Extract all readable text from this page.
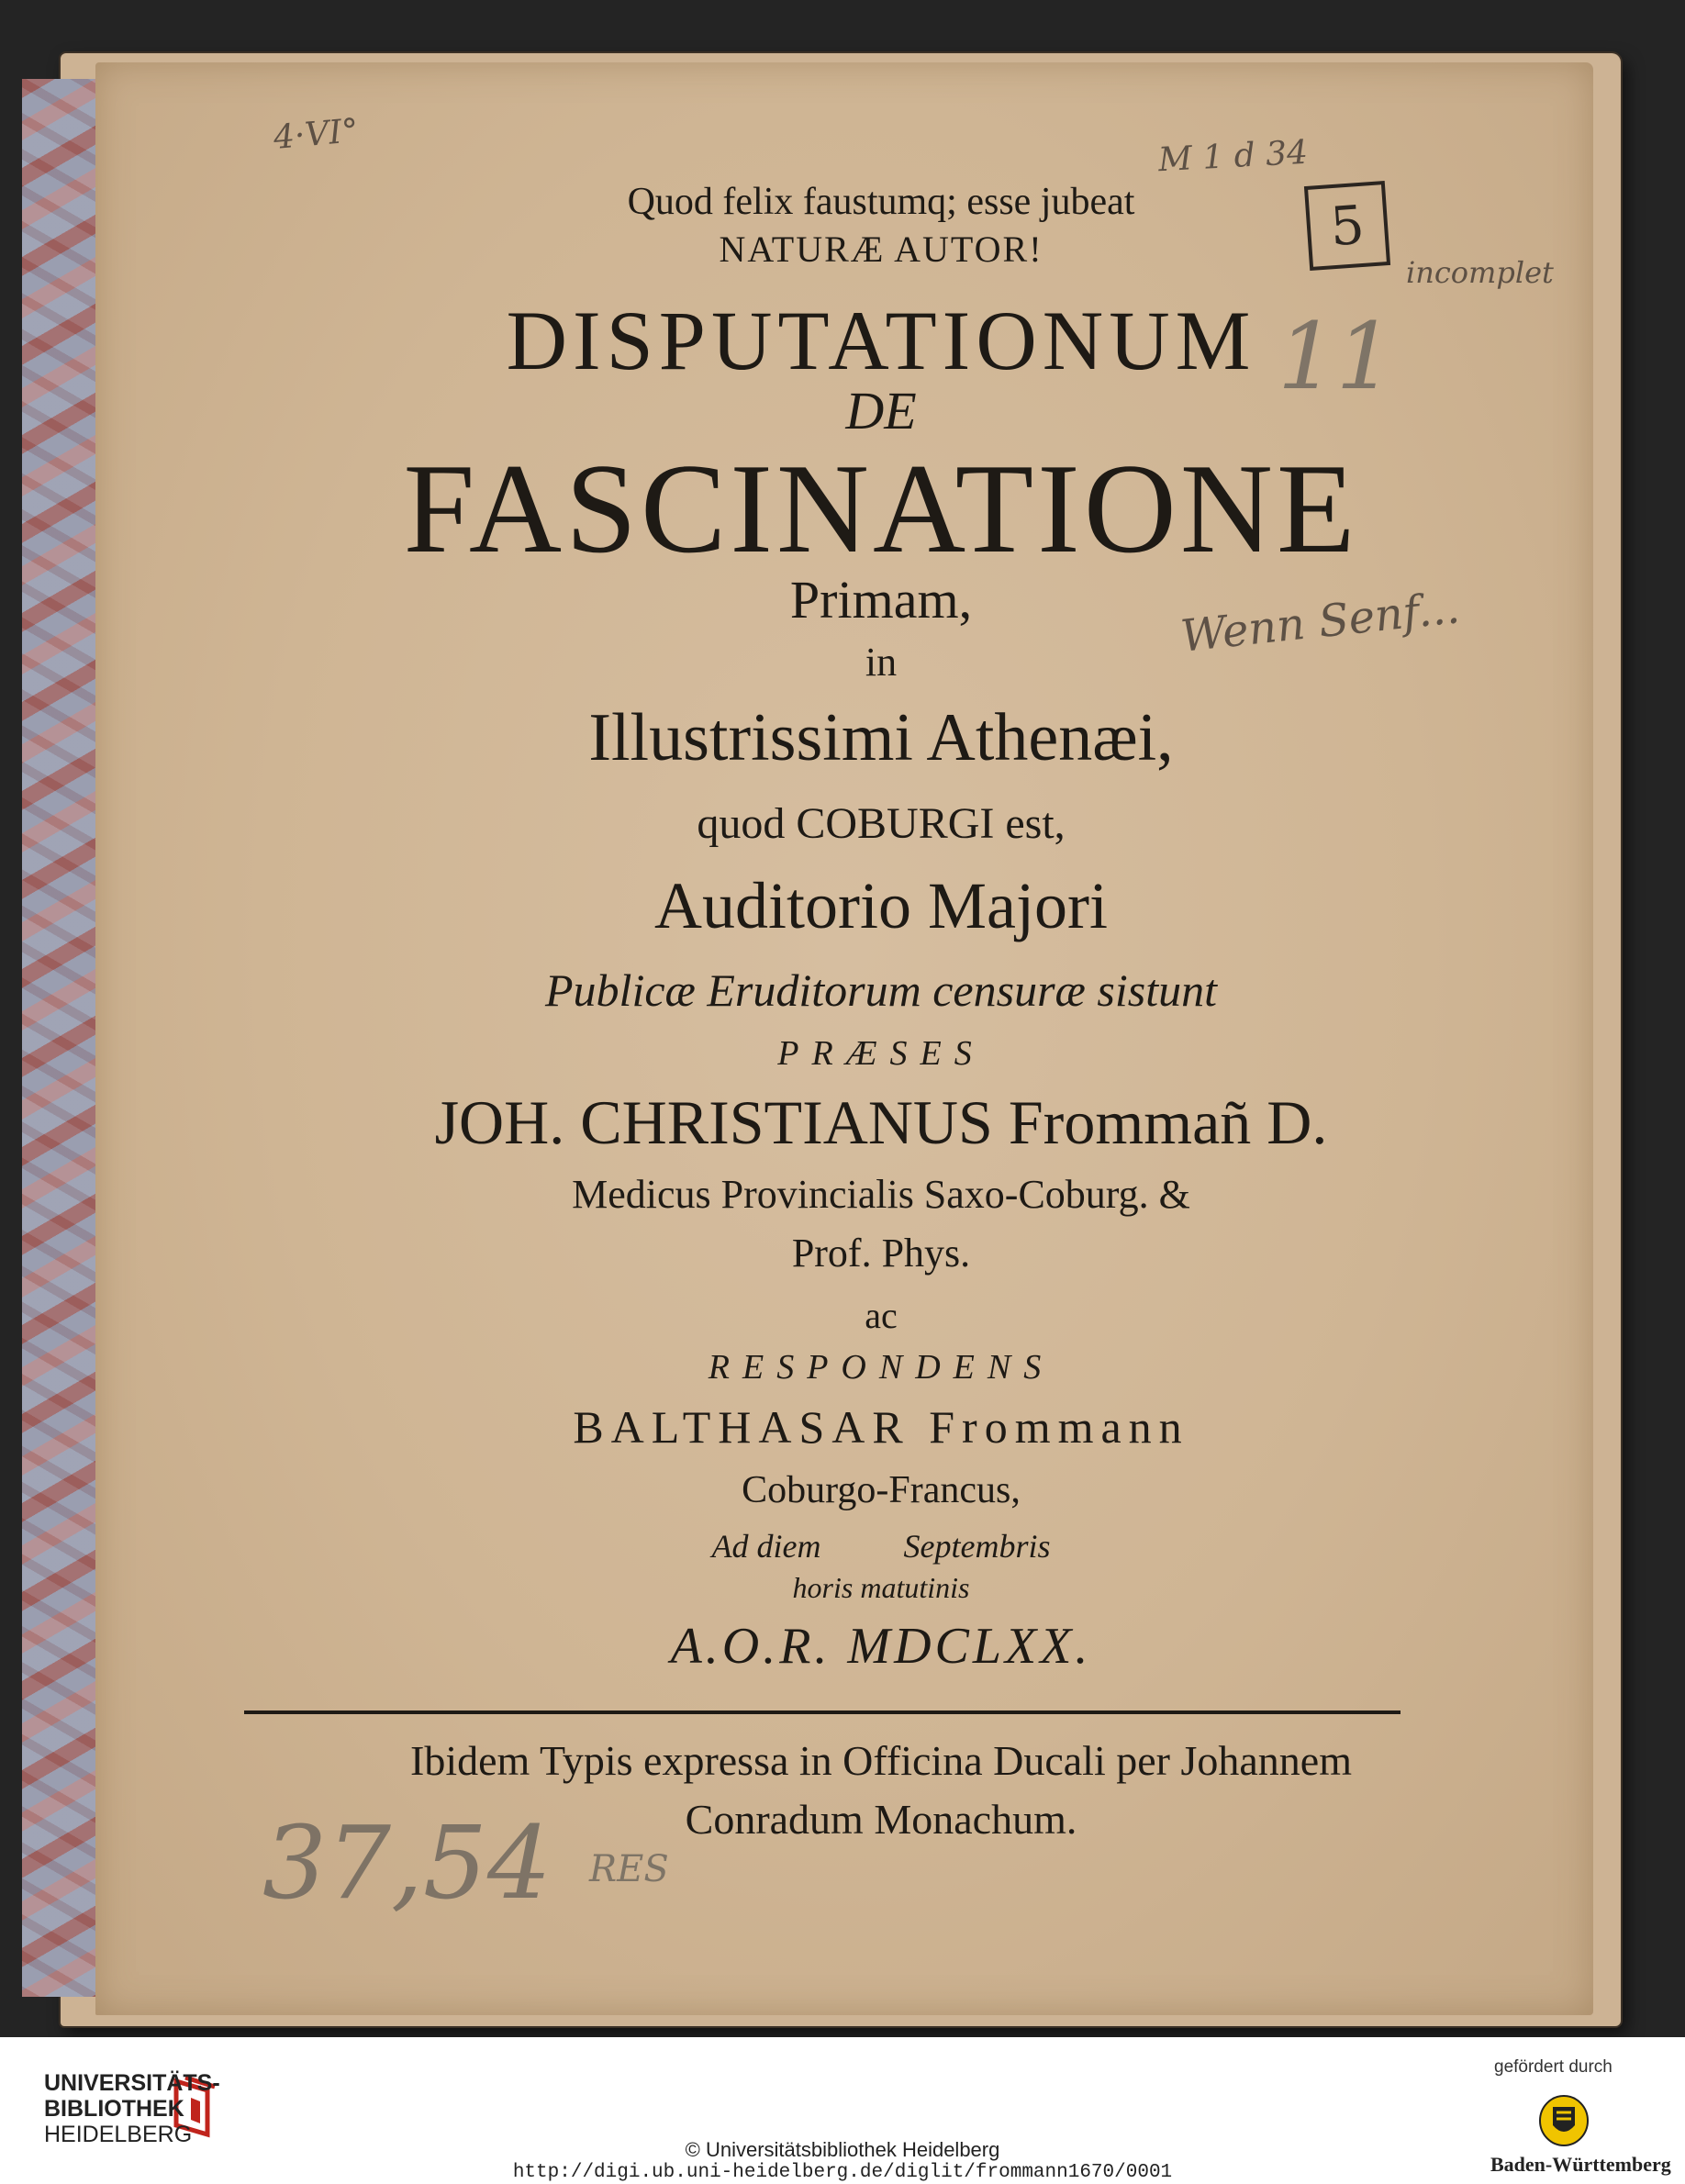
Quod felix faustumq; esse jubeat
NATURÆ AUTOR!
DISPUTATIONUM
DE
FASCINATIONE
Primam,
in
Illustrissimi Athenæi,
quod COBURGI est,
Auditorio Majori
Publicæ Eruditorum censuræ sistunt
PRÆSES
JOH. CHRISTIANUS Frommañ D.
Medicus Provincialis Saxo-Coburg. &
Prof. Phys.
ac
RESPONDENS
BALTHASAR Frommann
Coburgo-Francus,
Ad diem          Septembris
horis matutinis
A.O.R. MDCLXX.
Ibidem Typis expressa in Officina Ducali per Johannem
Conradum Monachum.
4·VI°	M 1 d 34
5
incomplet
11
Wenn Senf...
37,54 RES
UNIVERSITÄTS-
BIBLIOTHEK
HEIDELBERG
gefördert durch
Baden-Württemberg
© Universitätsbibliothek Heidelberg
http://digi.ub.uni-heidelberg.de/diglit/frommann1670/0001
